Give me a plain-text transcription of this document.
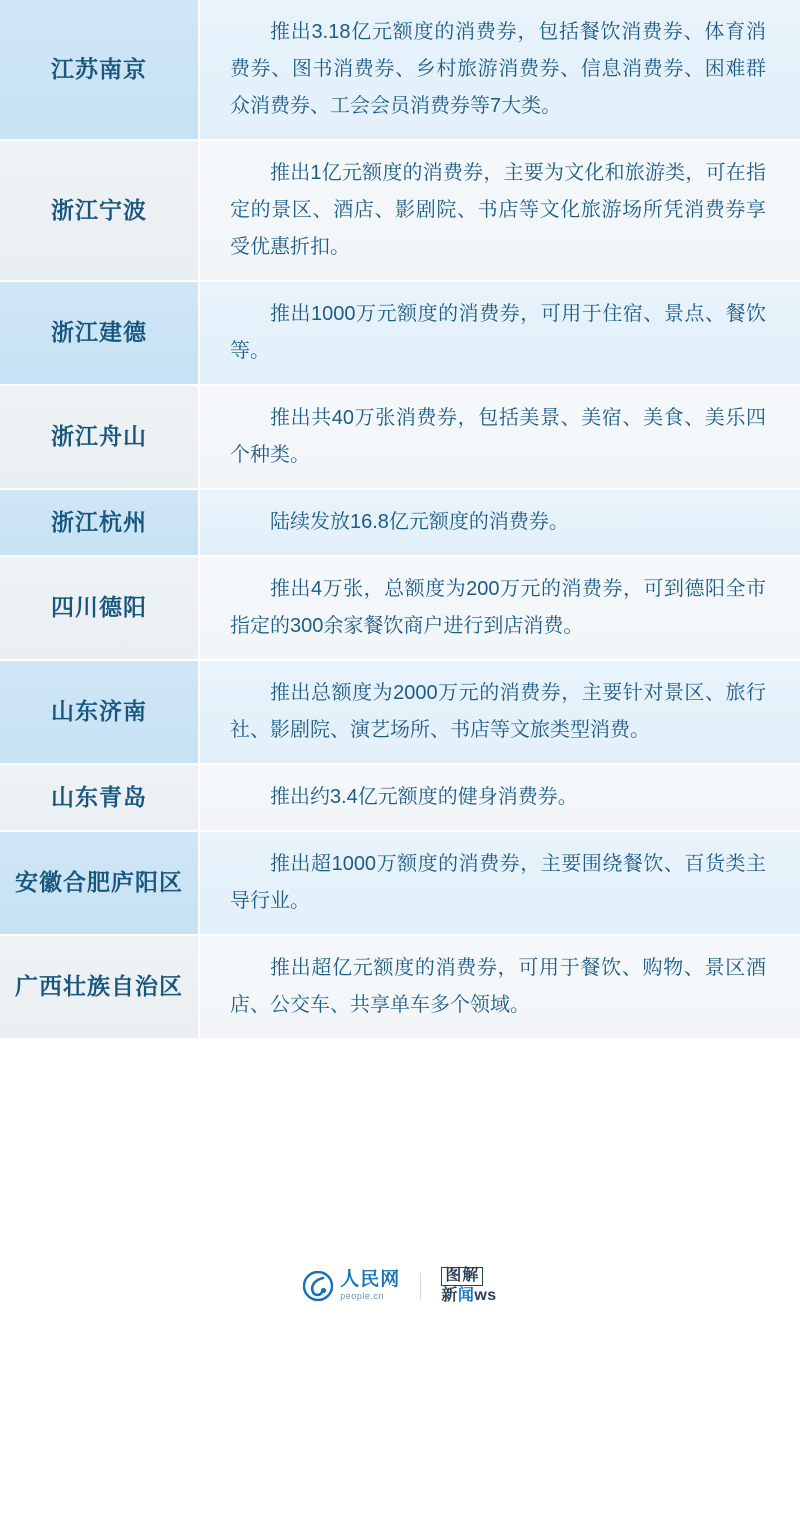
江苏南京
推出3.18亿元额度的消费券，包括餐饮消费券、体育消费券、图书消费券、乡村旅游消费券、信息消费券、困难群众消费券、工会会员消费券等7大类。
浙江宁波
推出1亿元额度的消费券，主要为文化和旅游类，可在指定的景区、酒店、影剧院、书店等文化旅游场所凭消费券享受优惠折扣。
浙江建德
推出1000万元额度的消费券，可用于住宿、景点、餐饮等。
浙江舟山
推出共40万张消费券，包括美景、美宿、美食、美乐四个种类。
浙江杭州	陆续发放16.8亿元额度的消费券。
四川德阳
推出4万张，总额度为200万元的消费券，可到德阳全市指定的300余家餐饮商户进行到店消费。
山东济南
推出总额度为2000万元的消费券，主要针对景区、旅行社、影剧院、演艺场所、书店等文旅类型消费。
山东青岛	推出约3.4亿元额度的健身消费券。
安徽合肥庐阳区
推出超1000万额度的消费券，主要围绕餐饮、百货类主导行业。
广西壮族自治区
推出超亿元额度的消费券，可用于餐饮、购物、景区酒店、公交车、共享单车多个领域。
人民网
people.cn
图解
新闻ws
